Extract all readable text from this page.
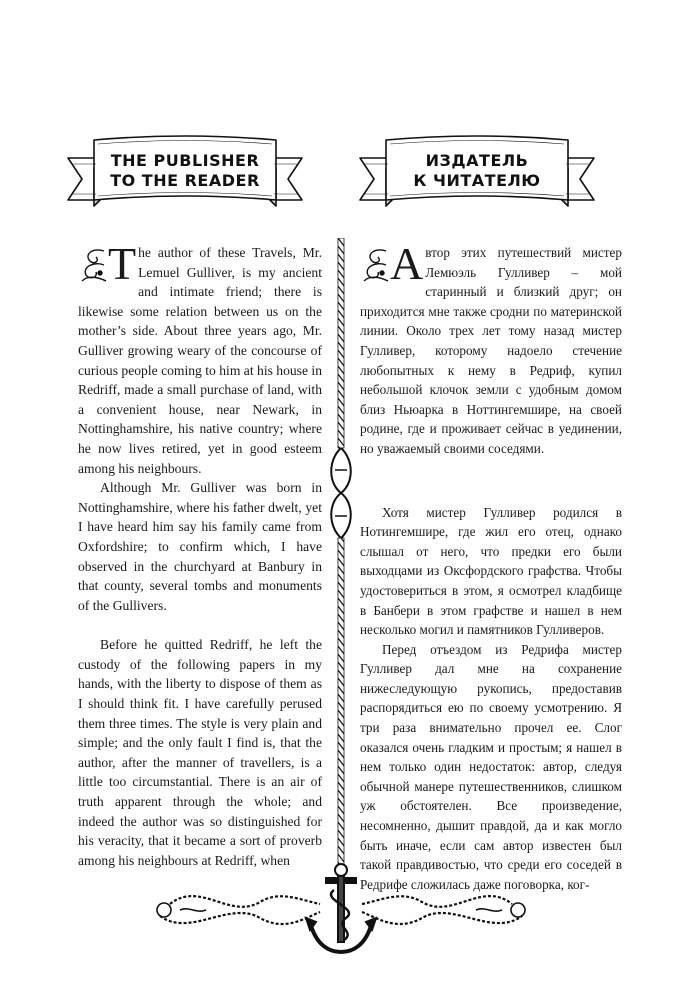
THE PUBLISHER
TO THE READER
ИЗДАТЕЛЬ
К ЧИТАТЕЛЮ

T he author of these Travels, Mr. Lemuel Gulliver, is my ancient and intimate friend; there is likewise some relation between us on the mother’s side. About three years ago, Mr. Gulliver growing weary of the concourse of curious people coming to him at his house in Redriff, made a small purchase of land, with a convenient house, near Newark, in Nottinghamshire, his native country; where he now lives retired, yet in good esteem among his neighbours.

Although Mr. Gulliver was born in Nottinghamshire, where his father dwelt, yet I have heard him say his family came from Oxfordshire; to confirm which, I have observed in the churchyard at Banbury in that county, several tombs and monuments of the Gullivers.

Before he quitted Redriff, he left the custody of the following papers in my hands, with the liberty to dispose of them as I should think fit. I have carefully perused them three times. The style is very plain and simple; and the only fault I find is, that the author, after the manner of travellers, is a little too circumstantial. There is an air of truth apparent through the whole; and indeed the author was so distinguished for his veracity, that it became a sort of proverb among his neighbours at Redriff, when

А втор этих путешествий мистер Лемюэль Гулливер – мой старинный и близкий друг; он приходится мне также сродни по материнской линии. Около трех лет тому назад мистер Гулливер, которому надоело стечение любопытных к нему в Редриф, купил небольшой клочок земли с удобным домом близ Ньюарка в Ноттингемшире, на своей родине, где и проживает сейчас в уединении, но уважаемый своими соседями.

Хотя мистер Гулливер родился в Нотингемшире, где жил его отец, однако слышал от него, что предки его были выходцами из Оксфордского графства. Чтобы удостовериться в этом, я осмотрел кладбище в Банбери в этом графстве и нашел в нем несколько могил и памятников Гулливеров.

Перед отъездом из Редрифа мистер Гулливер дал мне на сохранение нижеследующую рукопись, предоставив распорядиться ею по своему усмотрению. Я три раза внимательно прочел ее. Слог оказался очень гладким и простым; я нашел в нем только один недостаток: автор, следуя обычной манере путешественников, слишком уж обстоятелен. Все произведение, несомненно, дышит правдой, да и как могло быть иначе, если сам автор известен был такой правдивостью, что среди его соседей в Редрифе сложилась даже поговорка, ког-
